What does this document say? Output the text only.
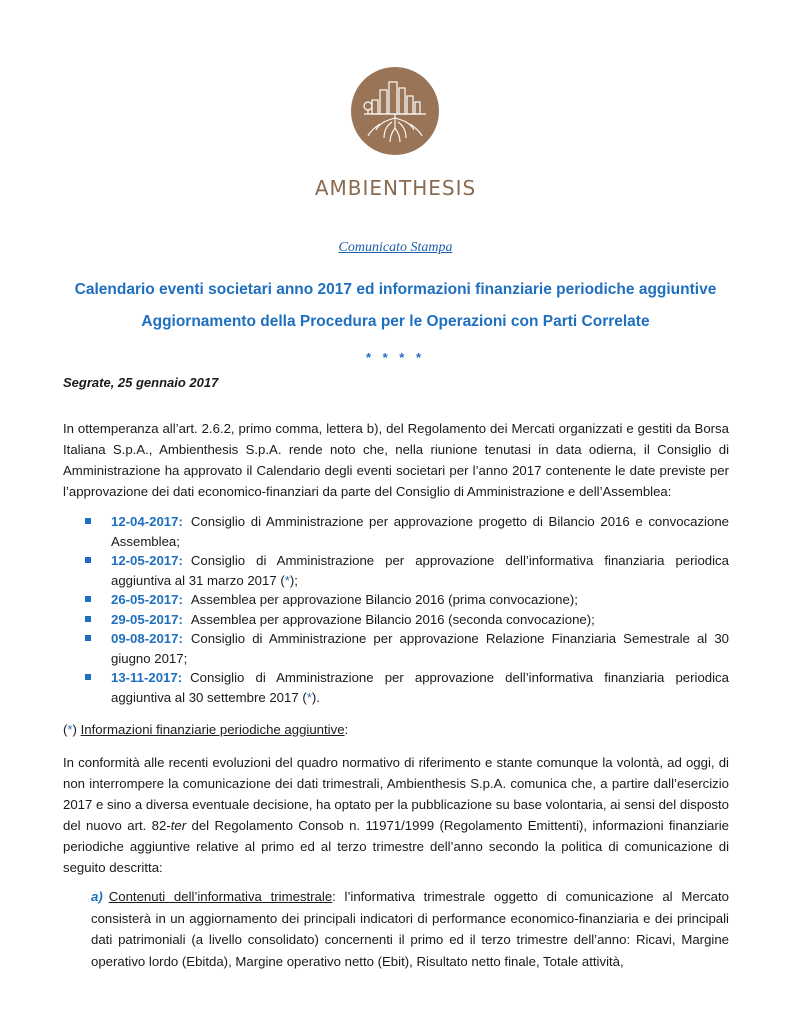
AMBIENTHESIS
Comunicato Stampa
Calendario eventi societari anno 2017 ed informazioni finanziarie periodiche aggiuntive
Aggiornamento della Procedura per le Operazioni con Parti Correlate
* * * *
Segrate, 25 gennaio 2017
In ottemperanza all’art. 2.6.2, primo comma, lettera b), del Regolamento dei Mercati organizzati e gestiti da Borsa Italiana S.p.A., Ambienthesis S.p.A. rende noto che, nella riunione tenutasi in data odierna, il Consiglio di Amministrazione ha approvato il Calendario degli eventi societari per l’anno 2017 contenente le date previste per l’approvazione dei dati economico-finanziari da parte del Consiglio di Amministrazione e dell’Assemblea:
12-04-2017: Consiglio di Amministrazione per approvazione progetto di Bilancio 2016 e convocazione Assemblea;
12-05-2017: Consiglio di Amministrazione per approvazione dell’informativa finanziaria periodica aggiuntiva al 31 marzo 2017 (*);
26-05-2017: Assemblea per approvazione Bilancio 2016 (prima convocazione);
29-05-2017: Assemblea per approvazione Bilancio 2016 (seconda convocazione);
09-08-2017: Consiglio di Amministrazione per approvazione Relazione Finanziaria Semestrale al 30 giugno 2017;
13-11-2017: Consiglio di Amministrazione per approvazione dell’informativa finanziaria periodica aggiuntiva al 30 settembre 2017 (*).
(*) Informazioni finanziarie periodiche aggiuntive:
In conformità alle recenti evoluzioni del quadro normativo di riferimento e stante comunque la volontà, ad oggi, di non interrompere la comunicazione dei dati trimestrali, Ambienthesis S.p.A. comunica che, a partire dall’esercizio 2017 e sino a diversa eventuale decisione, ha optato per la pubblicazione su base volontaria, ai sensi del disposto del nuovo art. 82-ter del Regolamento Consob n. 11971/1999 (Regolamento Emittenti), informazioni finanziarie periodiche aggiuntive relative al primo ed al terzo trimestre dell’anno secondo la politica di comunicazione di seguito descritta:
a) Contenuti dell’informativa trimestrale: l’informativa trimestrale oggetto di comunicazione al Mercato consisterà in un aggiornamento dei principali indicatori di performance economico-finanziaria e dei principali dati patrimoniali (a livello consolidato) concernenti il primo ed il terzo trimestre dell’anno: Ricavi, Margine operativo lordo (Ebitda), Margine operativo netto (Ebit), Risultato netto finale, Totale attività,
